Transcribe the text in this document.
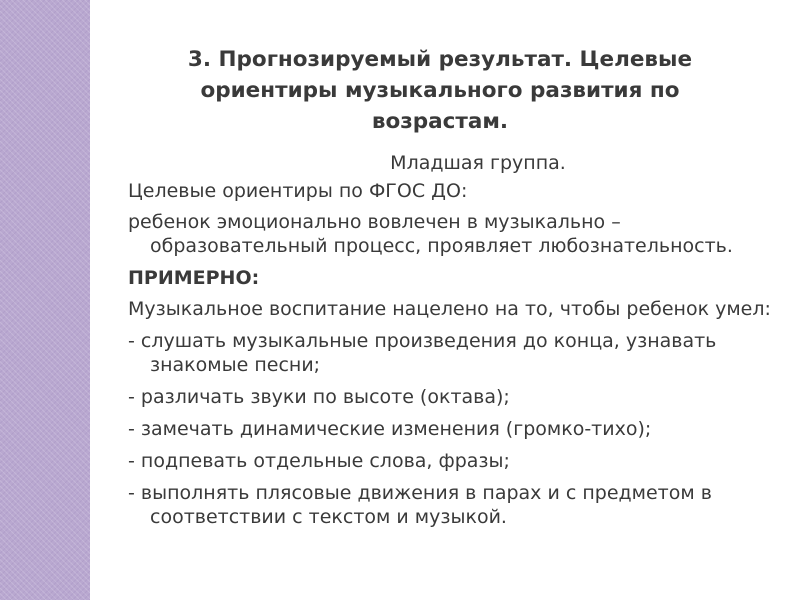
3. Прогнозируемый результат. Целевые ориентиры музыкального развития по возрастам.
Младшая группа.
Целевые ориентиры по ФГОС ДО:
ребенок эмоционально вовлечен в музыкально – образовательный процесс, проявляет любознательность.
ПРИМЕРНО:
Музыкальное воспитание нацелено на то, чтобы ребенок умел:
- слушать музыкальные произведения до конца, узнавать знакомые песни;
- различать звуки по высоте (октава);
- замечать динамические изменения (громко-тихо);
- подпевать отдельные слова, фразы;
- выполнять плясовые движения в парах и с предметом в соответствии с текстом и музыкой.
